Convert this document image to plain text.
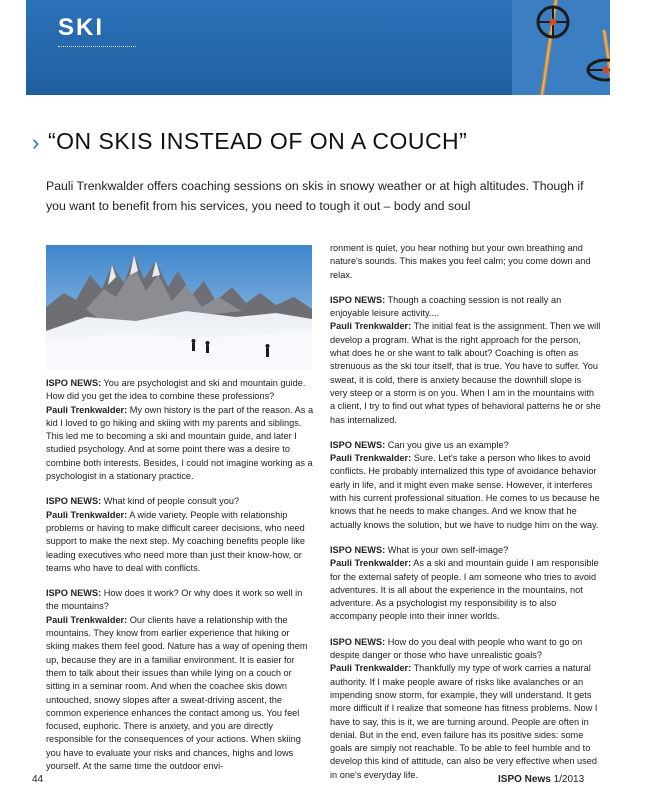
SKI
› “ON SKIS INSTEAD OF ON A COUCH”
Pauli Trenkwalder offers coaching sessions on skis in snowy weather or at high altitudes. Though if you want to benefit from his services, you need to tough it out – body and soul

ISPO NEWS: You are psychologist and ski and mountain guide. How did you get the idea to combine these professions?
Pauli Trenkwalder: My own history is the part of the reason. As a kid I loved to go hiking and skiing with my parents and siblings. This led me to becoming a ski and mountain guide, and later I studied psychology. And at some point there was a desire to combine both interests. Besides, I could not imagine working as a psychologist in a stationary practice.

ISPO NEWS: What kind of people consult you?
Pauli Trenkwalder: A wide variety. People with relationship problems or having to make difficult career decisions, who need support to make the next step. My coaching benefits people like leading executives who need more than just their know-how, or teams who have to deal with conflicts.

ISPO NEWS: How does it work? Or why does it work so well in the mountains?
Pauli Trenkwalder: Our clients have a relationship with the mountains. They know from earlier experience that hiking or skiing makes them feel good. Nature has a way of opening them up, because they are in a familiar environment. It is easier for them to talk about their issues than while lying on a couch or sitting in a seminar room. And when the coachee skis down untouched, snowy slopes after a sweat-driving ascent, the common experience enhances the contact among us. You feel focused, euphoric. There is anxiety, and you are directly responsible for the consequences of your actions. When skiing you have to evaluate your risks and chances, highs and lows yourself. At the same time the outdoor envi-

ronment is quiet, you hear nothing but your own breathing and nature's sounds. This makes you feel calm; you come down and relax.

ISPO NEWS: Though a coaching session is not really an enjoyable leisure activity....
Pauli Trenkwalder: The initial feat is the assignment. Then we will develop a program. What is the right approach for the person, what does he or she want to talk about? Coaching is often as strenuous as the ski tour itself, that is true. You have to suffer. You sweat, it is cold, there is anxiety because the downhill slope is very steep or a storm is on you. When I am in the mountains with a client, I try to find out what types of behavioral patterns he or she has internalized.

ISPO NEWS: Can you give us an example?
Pauli Trenkwalder: Sure. Let's take a person who likes to avoid conflicts. He probably internalized this type of avoidance behavior early in life, and it might even make sense. However, it interferes with his current professional situation. He comes to us because he knows that he needs to make changes. And we know that he actually knows the solution, but we have to nudge him on the way.

ISPO NEWS: What is your own self-image?
Pauli Trenkwalder: As a ski and mountain guide I am responsible for the external safety of people. I am someone who tries to avoid adventures. It is all about the experience in the mountains, not adventure. As a psychologist my responsibility is to also accompany people into their inner worlds.

ISPO NEWS: How do you deal with people who want to go on despite danger or those who have unrealistic goals?
Pauli Trenkwalder: Thankfully my type of work carries a natural authority. If I make people aware of risks like avalanches or an impending snow storm, for example, they will understand. It gets more difficult if I realize that someone has fitness problems. Now I have to say, this is it, we are turning around. People are often in denial. But in the end, even failure has its positive sides: some goals are simply not reachable. To be able to feel humble and to develop this kind of attitude, can also be very effective when used in one's everyday life.

44	ISPO News 1/2013
